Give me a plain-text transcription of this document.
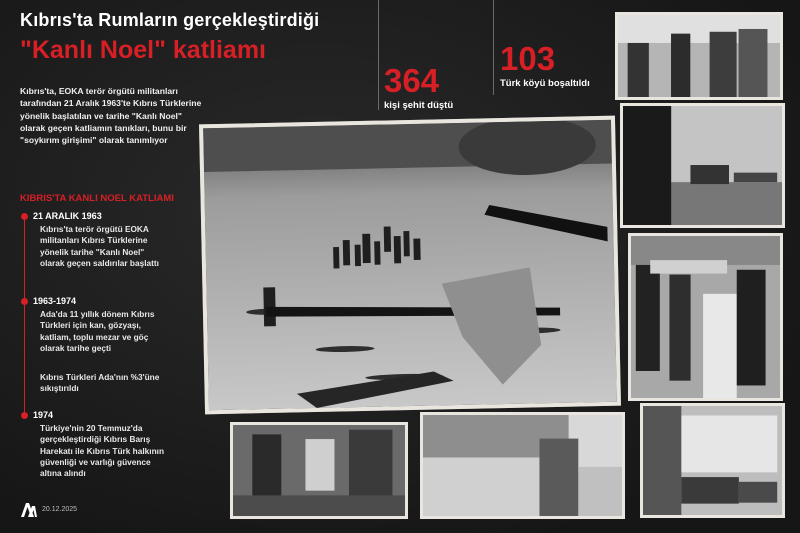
Kıbrıs'ta Rumların gerçekleştirdiği
"Kanlı Noel" katliamı
Kıbrıs'ta, EOKA terör örgütü militanları tarafından 21 Aralık 1963'te Kıbrıs Türklerine yönelik başlatılan ve tarihe "Kanlı Noel" olarak geçen katliamın tanıkları, bunu bir "soykırım girişimi" olarak tanımlıyor
364
kişi şehit düştü
103
Türk köyü boşaltıldı
KIBRIS'TA KANLI NOEL KATLIAMI
21 ARALIK 1963
Kıbrıs'ta terör örgütü EOKA militanları Kıbrıs Türklerine yönelik tarihe "Kanlı Noel" olarak geçen saldırılar başlattı
1963-1974
Ada'da 11 yıllık dönem Kıbrıs Türkleri için kan, gözyaşı, katliam, toplu mezar ve göç olarak tarihe geçti
Kıbrıs Türkleri Ada'nın %3'üne sıkıştırıldı
1974
Türkiye'nin 20 Temmuz'da gerçekleştirdiği Kıbrıs Barış Harekatı ile Kıbrıs Türk halkının güvenliği ve varlığı güvence altına alındı
20.12.2025
